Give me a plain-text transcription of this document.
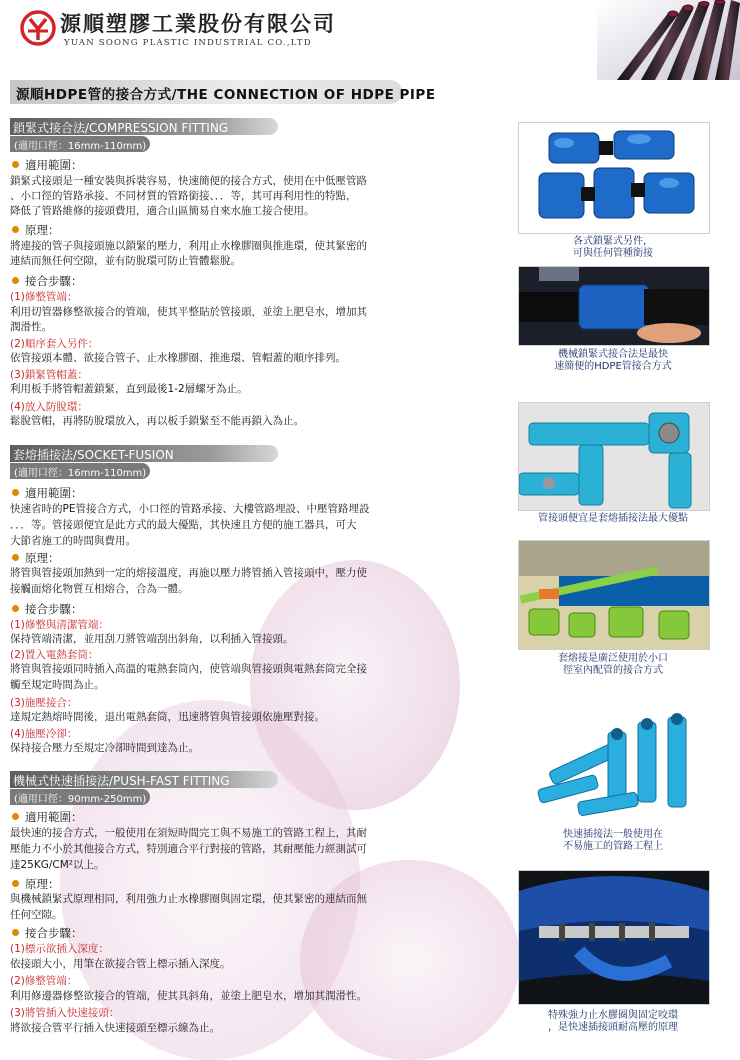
源順塑膠工業股份有限公司
YUAN SOONG PLASTIC INDUSTRIAL CO.,LTD
源順HDPE管的接合方式/THE CONNECTION OF HDPE PIPE
鎖緊式接合法/COMPRESSION FITTING
(適用口徑：16mm-110mm)
適用範圍：
鎖緊式接頭是一種安裝與拆裝容易，快速簡便的接合方式，使用在中低壓管路
、小口徑的管路承接、不同材質的管路銜接、．．等，其可再利用性的特點，
降低了管路維修的接頭費用，適合山區簡易自來水施工接合使用。
原理：
將連接的管子與接頭施以鎖緊的壓力，利用止水橡膠圈與推進環，使其緊密的
連結而無任何空隙，並有防脫環可防止管體鬆脫。
接合步驟：
(1)修整管端：
利用切管器修整欲接合的管端，使其平整貼於管接頭，並塗上肥皂水，增加其
潤滑性。
(2)順序套入另件：
依管接頭本體、欲接合管子、止水橡膠圈、推進環、管帽蓋的順序排列。
(3)鎖緊管帽蓋：
利用板手將管帽蓋鎖緊，直到最後1-2層螺牙為止。
(4)放入防脫環：
鬆脫管帽，再將防脫環放入，再以板手鎖緊至不能再鎖入為止。
套熔插接法/SOCKET-FUSION
(適用口徑：16mm-110mm)
適用範圍：
快速省時的PE管接合方式，小口徑的管路承接、大樓管路埋設、中壓管路埋設
．．．等。管接頭便宜是此方式的最大優點，其快速且方便的施工器具，可大
大節省施工的時間與費用。
原理：
將管與管接頭加熱到一定的熔接溫度，再施以壓力將管插入管接頭中，壓力使
接觸面熔化物質互相熔合，合為一體。
接合步驟：
(1)修整與清潔管端：
保持管端清潔，並用刮刀將管端刮出斜角，以利插入管接頭。
(2)置入電熱套筒：
將管與管接頭同時插入高溫的電熱套筒內，使管端與管接頭與電熱套筒完全接
觸至規定時間為止。
(3)施壓接合：
達規定熱熔時間後，退出電熱套筒，迅速將管與管接頭依施壓對接。
(4)施壓冷卻：
保持接合壓力至規定冷卻時間到達為止。
機械式快速插接法/PUSH-FAST FITTING
(適用口徑：90mm-250mm)
適用範圍：
最快速的接合方式，一般使用在須短時間完工與不易施工的管路工程上，其耐
壓能力不小於其他接合方式，特別適合平行對接的管路，其耐壓能力經測試可
達25KG/CM²以上。
原理：
與機械鎖緊式原理相同，利用強力止水橡膠圈與固定環，使其緊密的連結而無
任何空隙。
接合步驟：
(1)標示欲插入深度：
依接頭大小，用筆在欲接合管上標示插入深度。
(2)修整管端：
利用修邊器修整欲接合的管端，使其具斜角，並塗上肥皂水，增加其潤滑性。
(3)將管插入快速接頭：
將欲接合管平行插入快速接頭至標示線為止。
各式鎖緊式另件，
可與任何管種銜接
機械鎖緊式接合法是最快
速簡便的HDPE管接合方式
管接頭便宜是套熔插接法最大優點
套熔接是廣泛使用於小口
徑室內配管的接合方式
快速插接法一般使用在
不易施工的管路工程上
特殊強力止水膠圈與固定咬環
，是快速插接頭耐高壓的原理
